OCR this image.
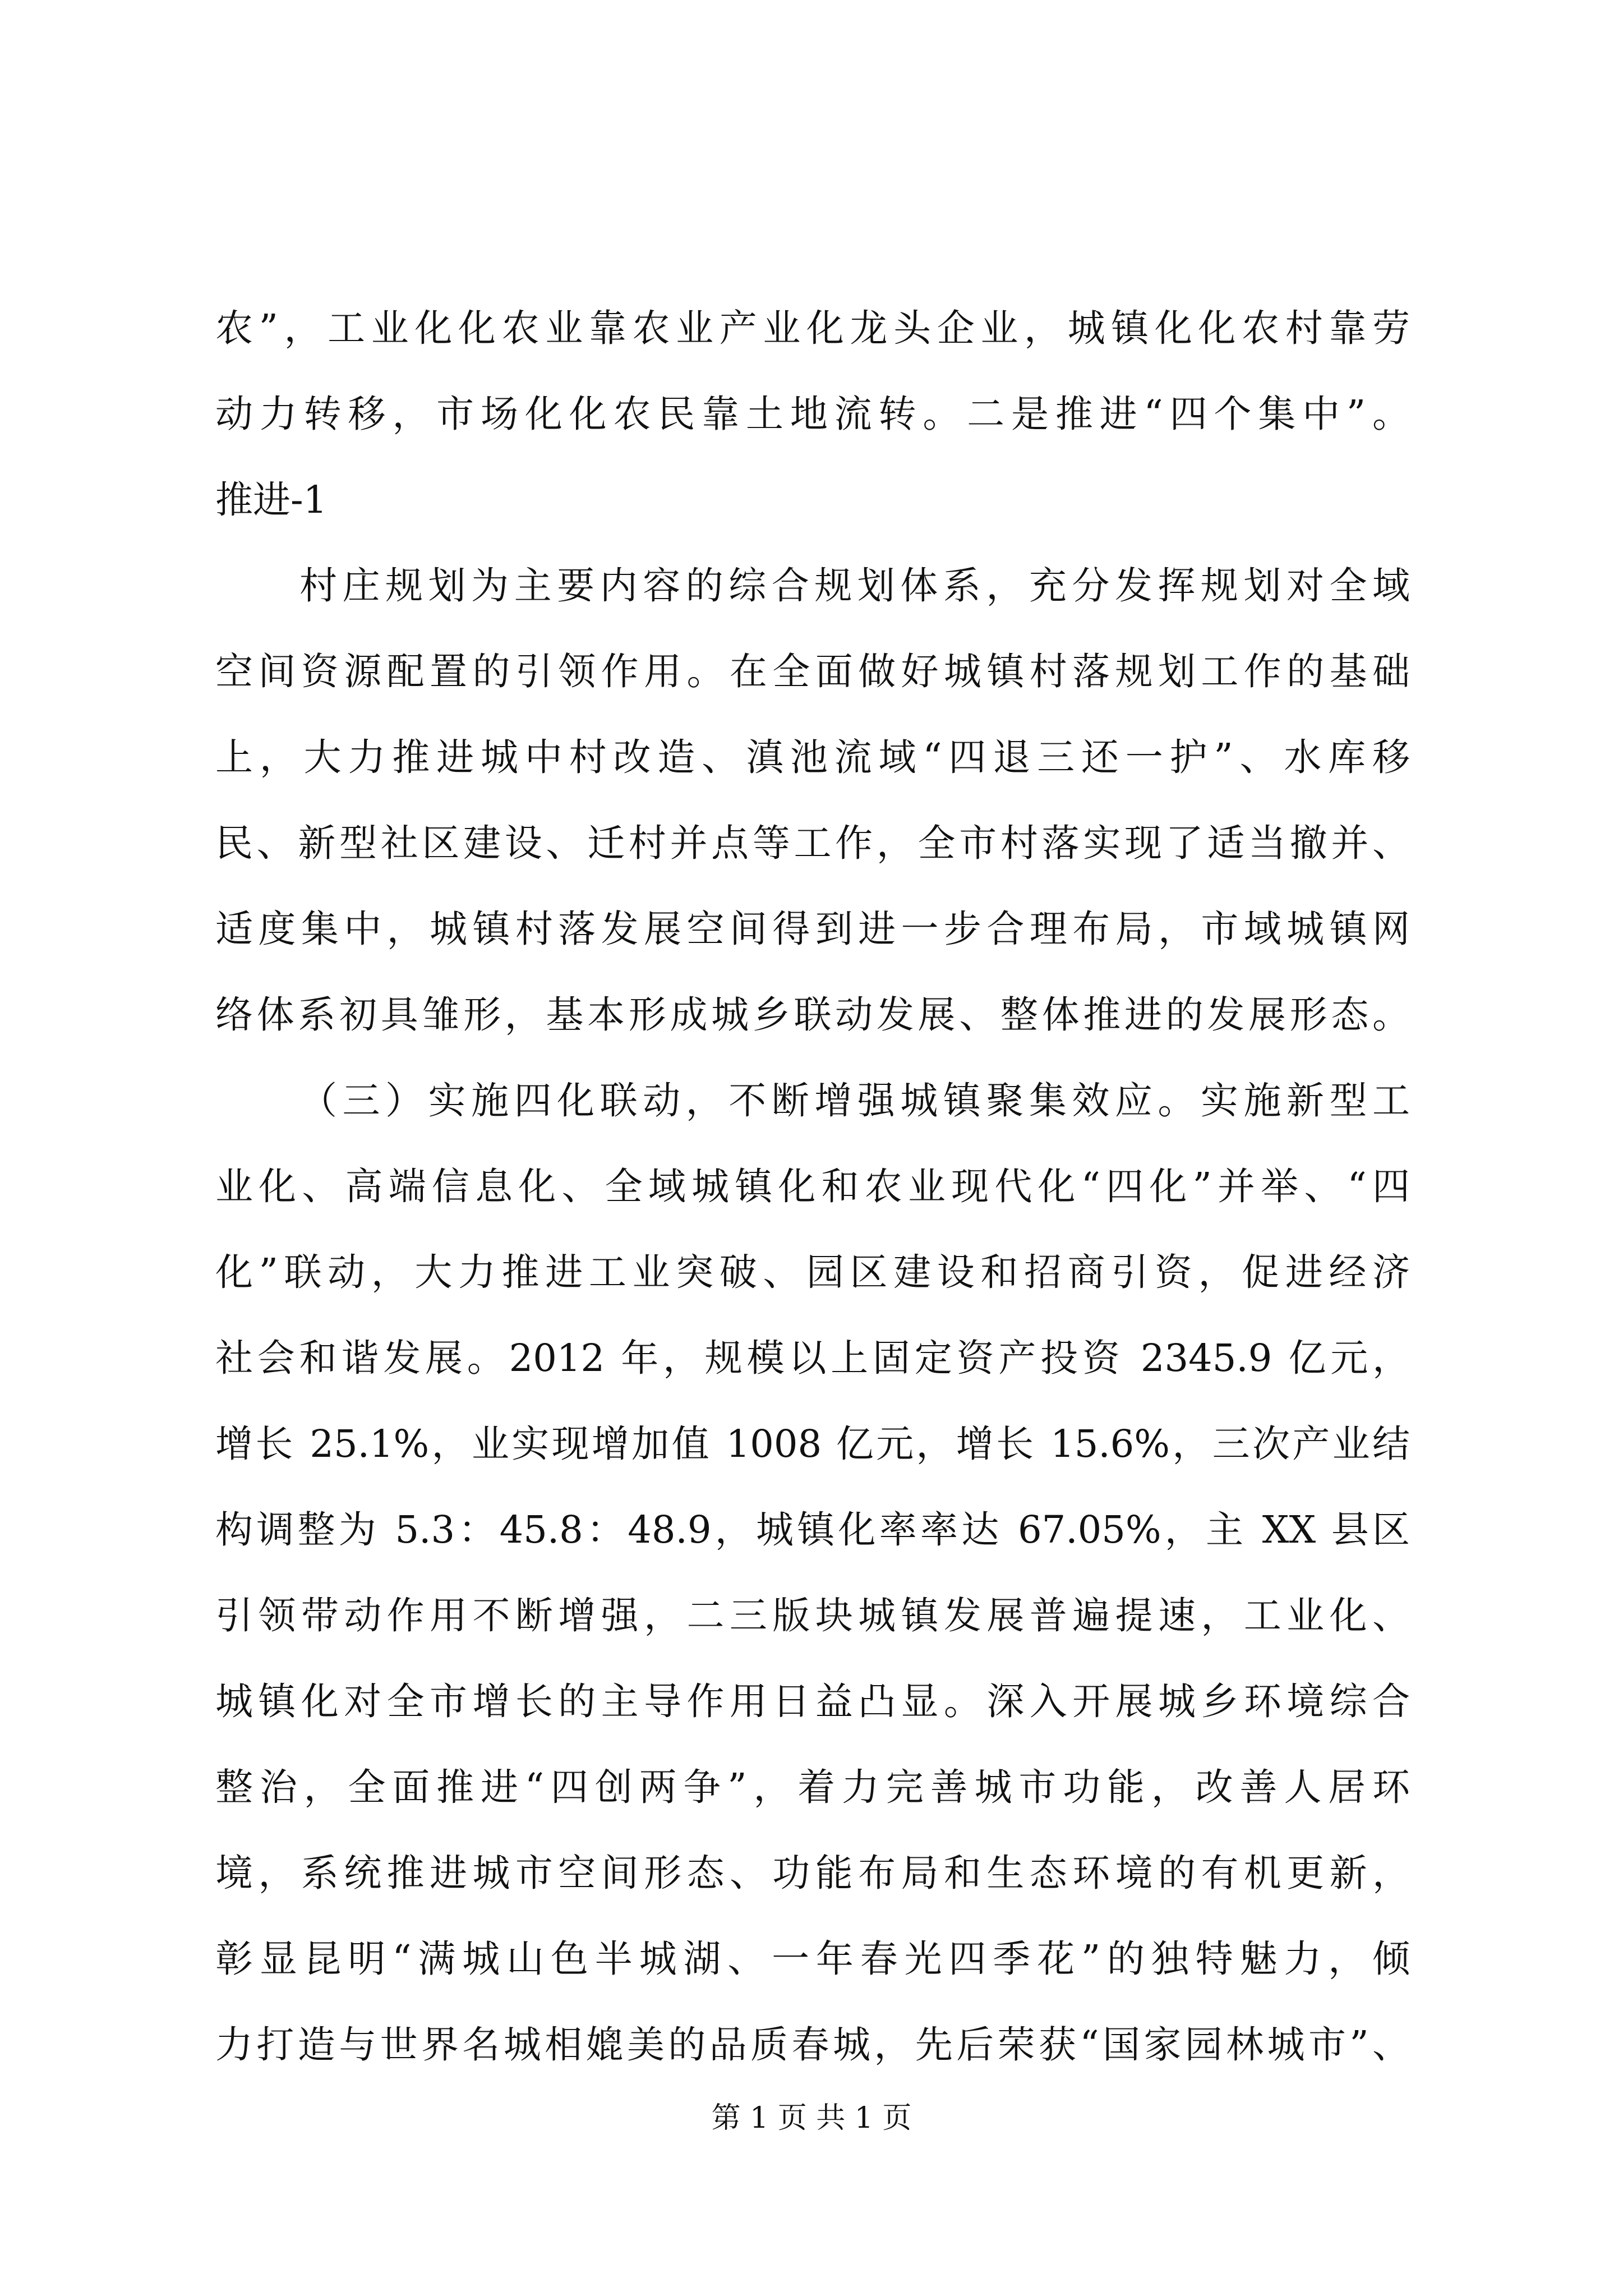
农”，工业化化农业靠农业产业化龙头企业，城镇化化农村靠劳
动力转移，市场化化农民靠土地流转。二是推进“四个集中”。
推进-1
村庄规划为主要内容的综合规划体系，充分发挥规划对全域
空间资源配置的引领作用。在全面做好城镇村落规划工作的基础
上，大力推进城中村改造、滇池流域“四退三还一护”、水库移
民、新型社区建设、迁村并点等工作，全市村落实现了适当撤并、
适度集中，城镇村落发展空间得到进一步合理布局，市域城镇网
络体系初具雏形，基本形成城乡联动发展、整体推进的发展形态。
（三）实施四化联动，不断增强城镇聚集效应。实施新型工
业化、高端信息化、全域城镇化和农业现代化“四化”并举、“四
化”联动，大力推进工业突破、园区建设和招商引资，促进经济
社会和谐发展。2012 年，规模以上固定资产投资 2345.9 亿元，
增长 25.1%，业实现增加值 1008 亿元，增长 15.6%，三次产业结
构调整为 5.3：45.8：48.9，城镇化率率达 67.05%，主 XX 县区
引领带动作用不断增强，二三版块城镇发展普遍提速，工业化、
城镇化对全市增长的主导作用日益凸显。深入开展城乡环境综合
整治，全面推进“四创两争”，着力完善城市功能，改善人居环
境，系统推进城市空间形态、功能布局和生态环境的有机更新，
彰显昆明“满城山色半城湖、一年春光四季花”的独特魅力，倾
力打造与世界名城相媲美的品质春城，先后荣获“国家园林城市”、
第 1 页 共 1 页
